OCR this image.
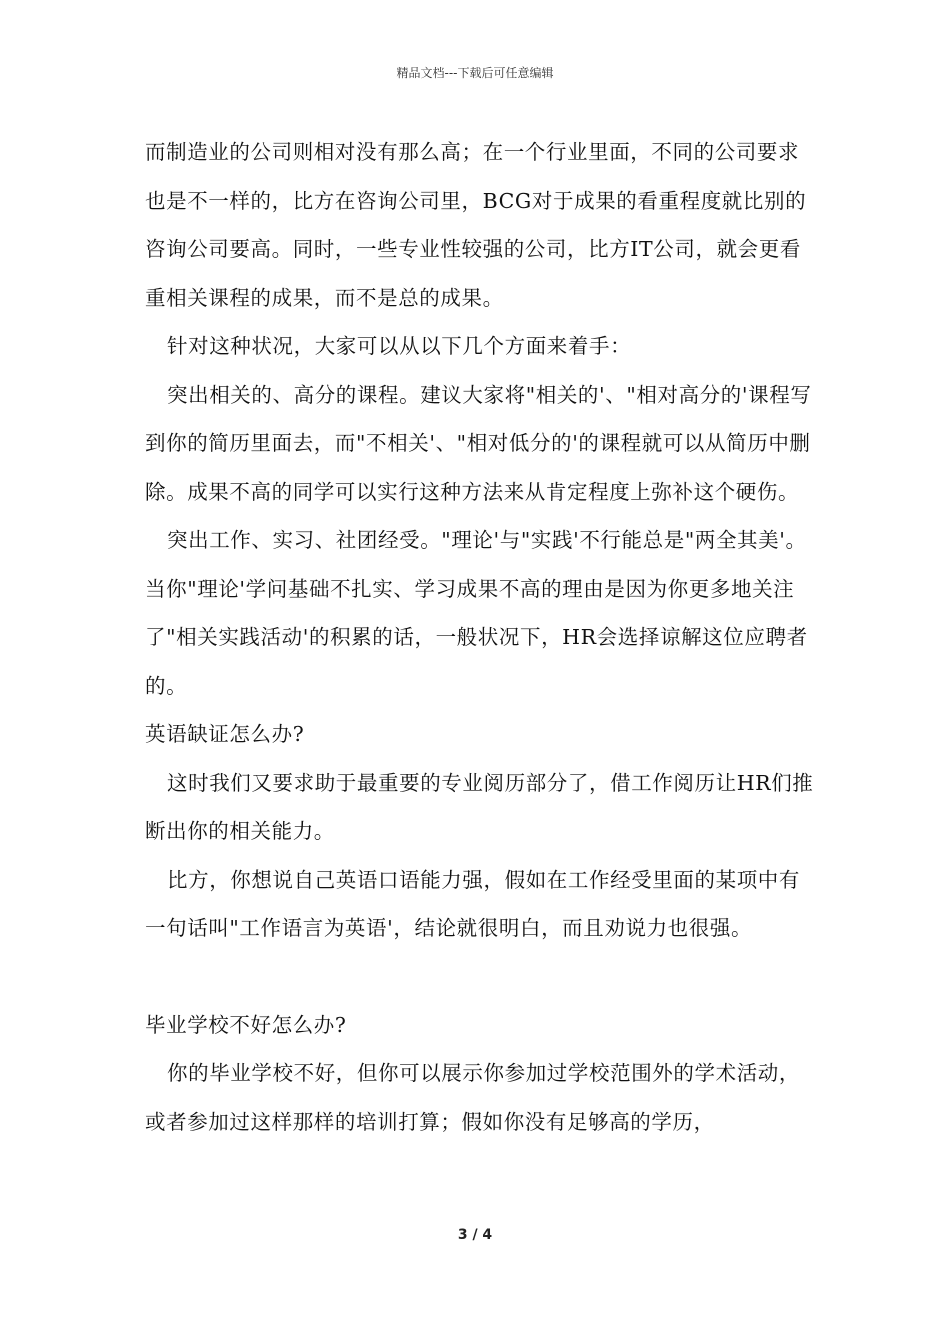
精品文档---下载后可任意编辑

而制造业的公司则相对没有那么高；在一个行业里面，不同的公司要求也是不一样的，比方在咨询公司里，BCG对于成果的看重程度就比别的咨询公司要高。同时，一些专业性较强的公司，比方IT公司，就会更看重相关课程的成果，而不是总的成果。

针对这种状况，大家可以从以下几个方面来着手：

突出相关的、高分的课程。建议大家将"相关的'、"相对高分的'课程写到你的简历里面去，而"不相关'、"相对低分的'的课程就可以从简历中删除。成果不高的同学可以实行这种方法来从肯定程度上弥补这个硬伤。

突出工作、实习、社团经受。"理论'与"实践'不行能总是"两全其美'。当你"理论'学问基础不扎实、学习成果不高的理由是因为你更多地关注了"相关实践活动'的积累的话，一般状况下，HR会选择谅解这位应聘者的。

英语缺证怎么办?

这时我们又要求助于最重要的专业阅历部分了，借工作阅历让HR们推断出你的相关能力。

比方，你想说自己英语口语能力强，假如在工作经受里面的某项中有一句话叫"工作语言为英语'，结论就很明白，而且劝说力也很强。

毕业学校不好怎么办?

你的毕业学校不好，但你可以展示你参加过学校范围外的学术活动，或者参加过这样那样的培训打算；假如你没有足够高的学历，

3 / 4
